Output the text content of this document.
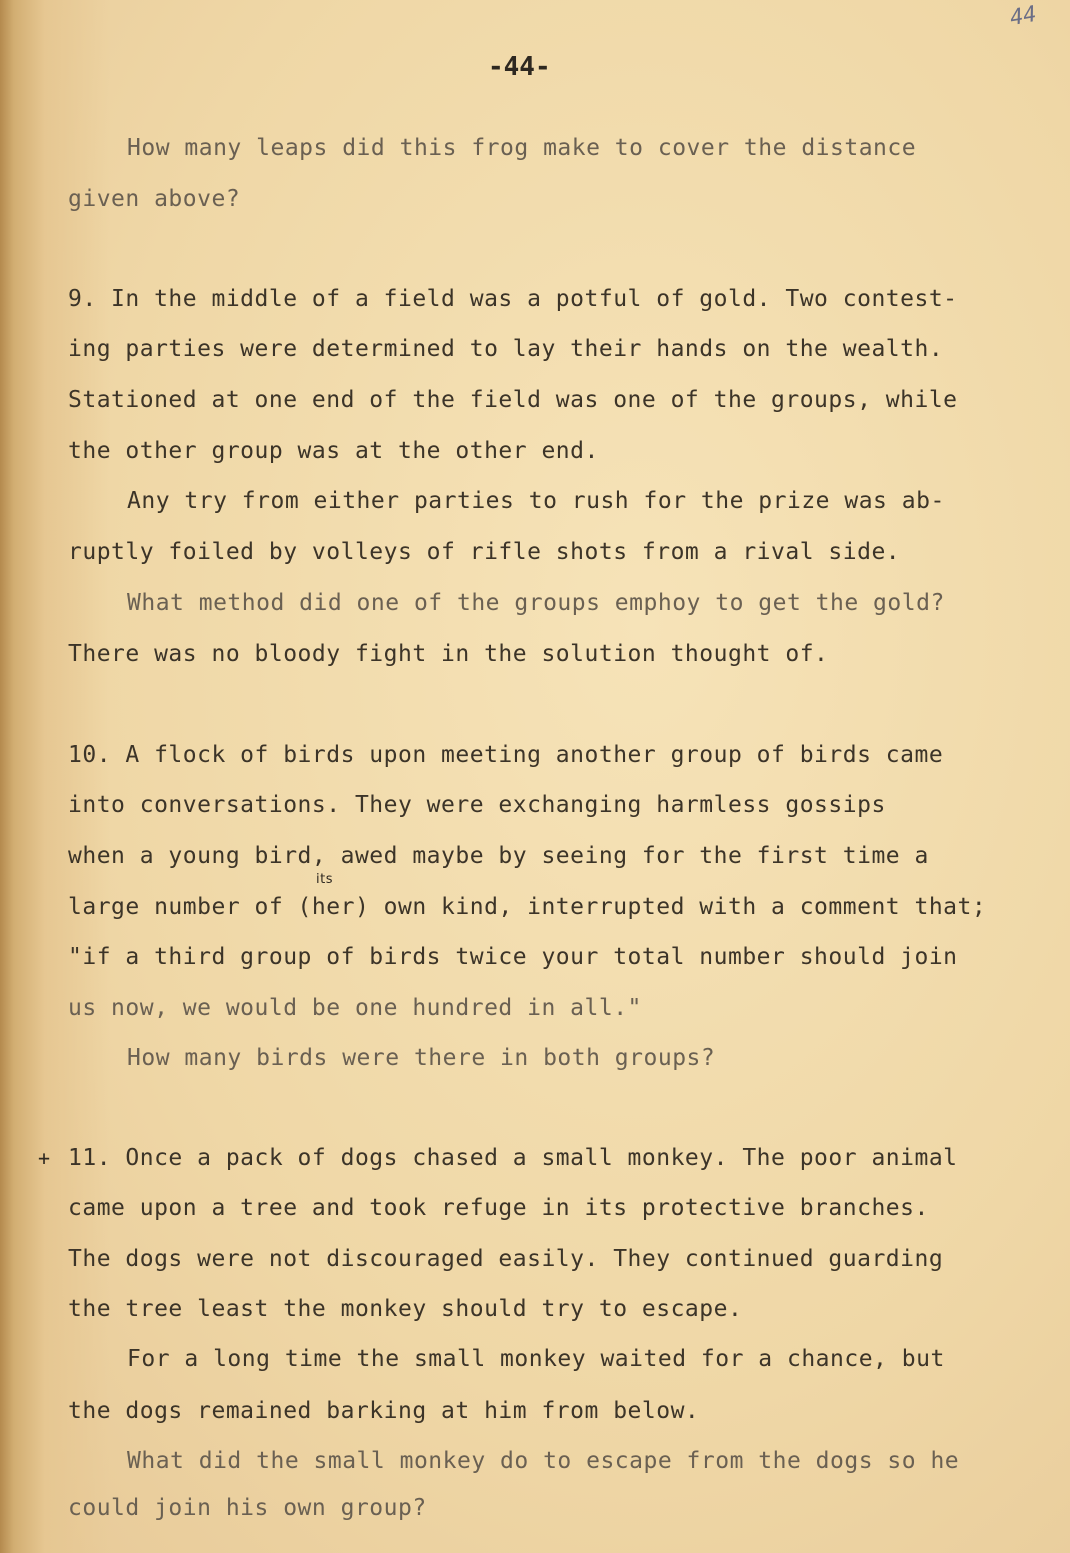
44
-44-
+
How many leaps did this frog make to cover the distance
given above?
9. In the middle of a field was a potful of gold. Two contest-
ing parties were determined to lay their hands on the wealth.
Stationed at one end of the field was one of the groups, while
the other group was at the other end.
Any try from either parties to rush for the prize was ab-
ruptly foiled by volleys of rifle shots from a rival side.
What method did one of the groups emphoy to get the gold?
There was no bloody fight in the solution thought of.
10. A flock of birds upon meeting another group of birds came
into conversations. They were exchanging harmless gossips
when a young bird, awed maybe by seeing for the first time a
large number of (her) own kind, interrupted with a comment that;
its
"if a third group of birds twice your total number should join
us now, we would be one hundred in all."
How many birds were there in both groups?
11. Once a pack of dogs chased a small monkey. The poor animal
came upon a tree and took refuge in its protective branches.
The dogs were not discouraged easily. They continued guarding
the tree least the monkey should try to escape.
For a long time the small monkey waited for a chance, but
the dogs remained barking at him from below.
What did the small monkey do to escape from the dogs so he
could join his own group?
